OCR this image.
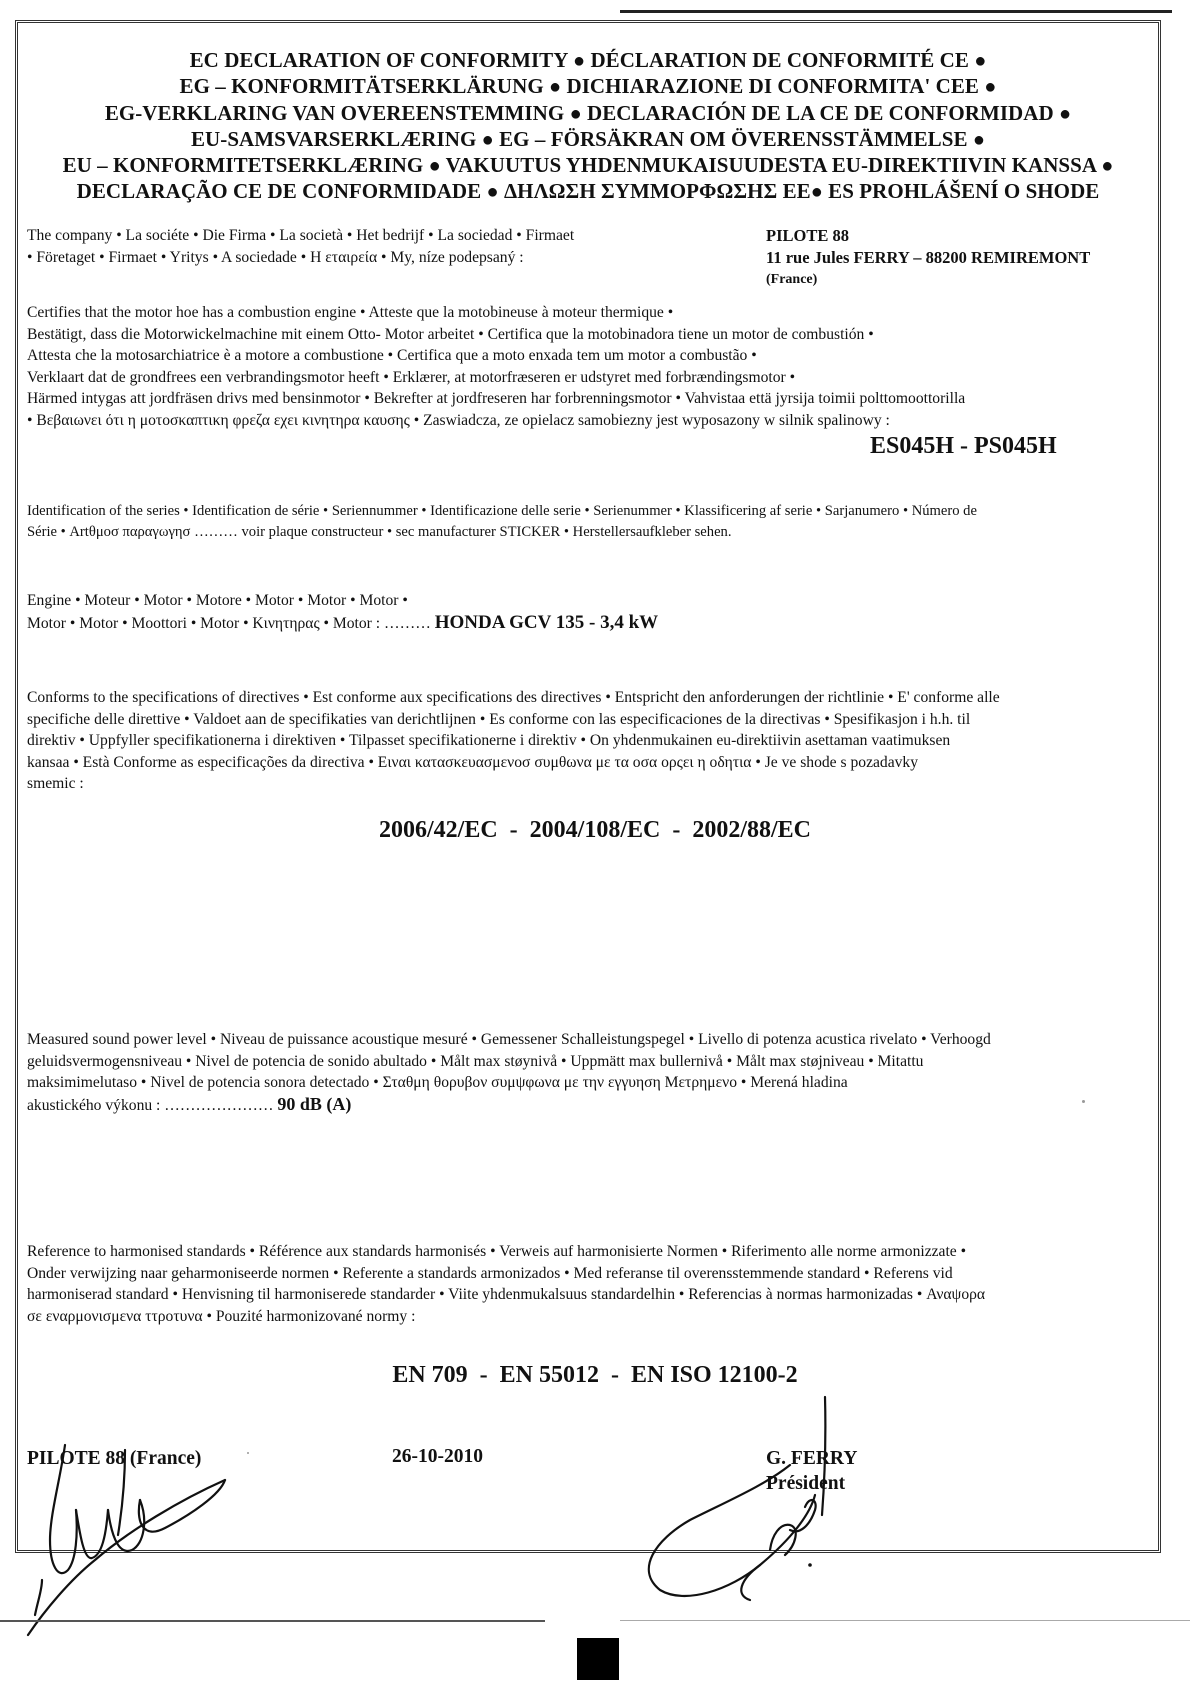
EC DECLARATION OF CONFORMITY ● DÉCLARATION DE CONFORMITÉ CE ●
EG – KONFORMITÄTSERKLÄRUNG ● DICHIARAZIONE DI CONFORMITA' CEE ●
EG-VERKLARING VAN OVEREENSTEMMING ● DECLARACIÓN DE LA CE DE CONFORMIDAD ●
EU-SAMSVARSERKLÆRING ● EG – FÖRSÄKRAN OM ÖVERENSSTÄMMELSE ●
EU – KONFORMITETSERKLÆRING ● VAKUUTUS YHDENMUKAISUUDESTA EU-DIREKTIIVIN KANSSA ●
DECLARAÇÃO CE DE CONFORMIDADE ● ΔΗΛΩΣΗ ΣΥΜΜΟΡΦΩΣΗΣ ΕΕ● ES PROHLÁŠENÍ O SHODE
The company • La sociéte • Die Firma • La società • Het bedrijf • La sociedad • Firmaet
• Företaget • Firmaet • Yritys • A sociedade • Η εταιρεία • My, níze podepsaný :
PILOTE 88
11 rue Jules FERRY – 88200 REMIREMONT
(France)
Certifies that the motor hoe has a combustion engine • Atteste que la motobineuse à moteur thermique •
Bestätigt, dass die Motorwickelmachine mit einem Otto- Motor arbeitet • Certifica que la motobinadora tiene un motor de combustión •
Attesta che la motosarchiatrice è a motore a combustione • Certifica que a moto enxada tem um motor a combustão •
Verklaart dat de grondfrees een verbrandingsmotor heeft • Erklærer, at motorfræseren er udstyret med forbrændingsmotor •
Härmed intygas att jordfräsen drivs med bensinmotor • Bekrefter at jordfreseren har forbrenningsmotor • Vahvistaa että jyrsija toimii polttomoottorilla
• Βεβαιωνει ότι η μοτοσκαπτικη φρεζα εχει κινητηρα καυσης • Zaswiadcza, ze opielacz samobiezny jest wyposazony w silnik spalinowy :
ES045H - PS045H
Identification of the series • Identification de série • Seriennummer • Identificazione delle serie • Serienummer • Klassificering af serie • Sarjanumero • Número de
Série • Αrtθμοσ παραγωγησ ……… voir plaque constructeur • sec manufacturer STICKER • Herstellersaufkleber sehen.
Engine • Moteur • Motor • Motore • Motor • Motor • Motor •
Motor • Motor • Moottori • Motor • Κινητηρας • Motor : ……… HONDA GCV 135 - 3,4 kW
Conforms to the specifications of directives • Est conforme aux specifications des directives • Entspricht den anforderungen der richtlinie • E' conforme alle
specifiche delle direttive • Valdoet aan de specifikaties van derichtlijnen • Es conforme con las especificaciones de la directivas • Spesifikasjon i h.h. til
direktiv • Uppfyller specifikationerna i direktiven • Tilpasset specifikationerne i direktiv • On yhdenmukainen eu-direktiivin asettaman vaatimuksen
kansaa • Està Conforme as especificações da directiva • Ειναι κατασκευασμενοσ συμθωνα με τα οσα ορςει η οδητια • Je ve shode s pozadavky
smemic :
2006/42/EC  -  2004/108/EC  -  2002/88/EC
Measured sound power level • Niveau de puissance acoustique mesuré • Gemessener Schalleistungspegel • Livello di potenza acustica rivelato • Verhoogd
geluidsvermogensniveau • Nivel de potencia de sonido abultado • Målt max støynivå • Uppmätt max bullernivå • Målt max støjniveau • Mitattu
maksimimelutaso • Nivel de potencia sonora detectado • Σταθμη θορυβον συμψφωνα με την εγγυηση Μετρημενο • Merená hladina
akustického výkonu : ………………… 90 dB (A)
Reference to harmonised standards • Référence aux standards harmonisés • Verweis auf harmonisierte Normen • Riferimento alle norme armonizzate •
Onder verwijzing naar geharmoniseerde normen • Referente a standards armonizados • Med referanse til overensstemmende standard • Referens vid
harmoniserad standard • Henvisning til harmoniserede standarder • Viite yhdenmukalsuus standardelhin • Referencias à normas harmonizadas • Αναψορα
σε εναρμονισμενα ττροτυνα • Pouzité harmonizované normy :
EN 709  -  EN 55012  -  EN ISO 12100-2
PILOTE 88 (France)	26-10-2010	G. FERRY
Président
